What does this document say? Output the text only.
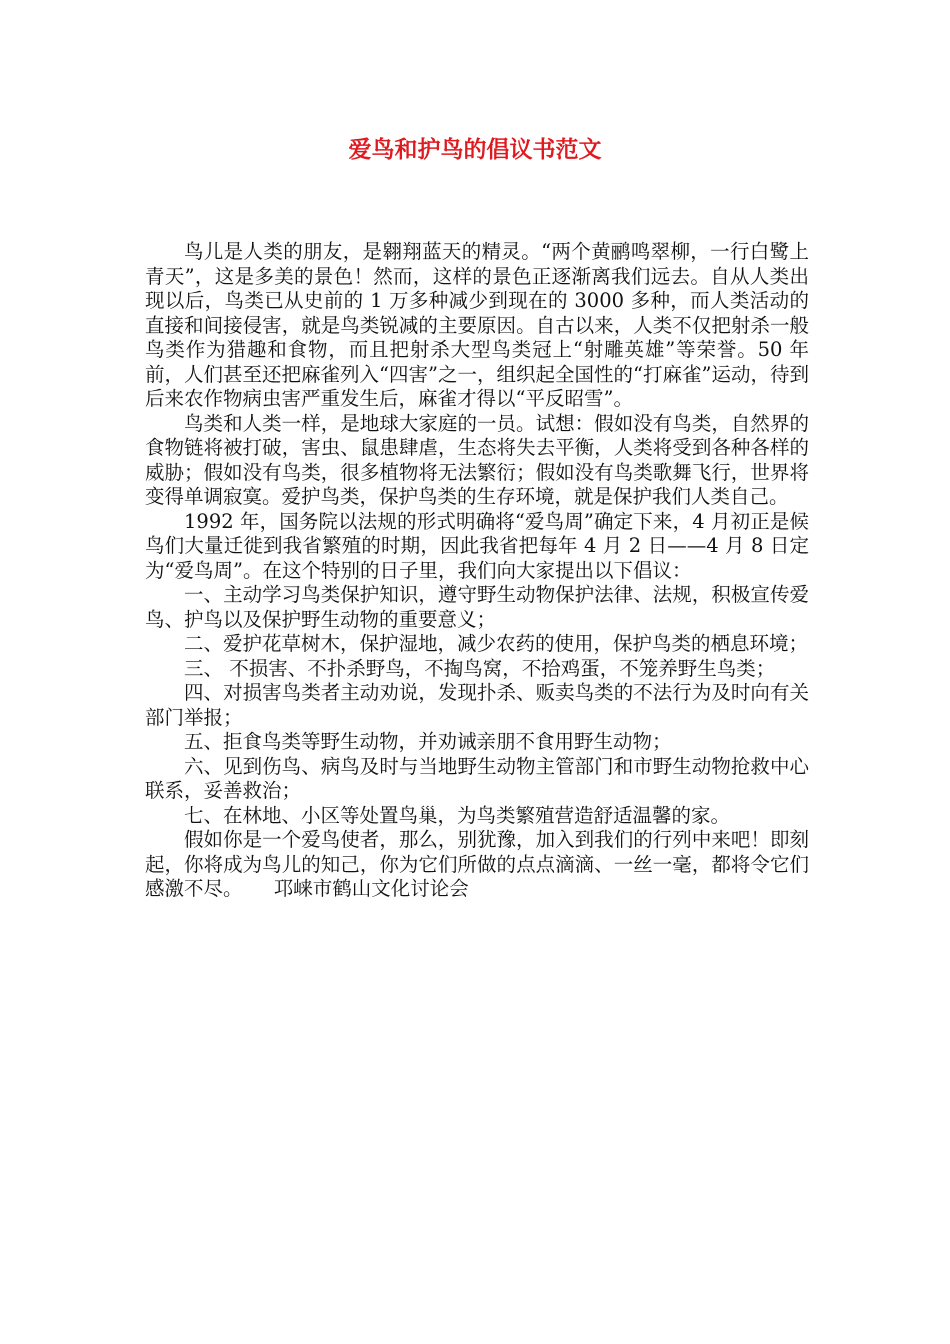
爱鸟和护鸟的倡议书范文

鸟儿是人类的朋友，是翱翔蓝天的精灵。“两个黄鹂鸣翠柳，一行白鹭上青天”，这是多美的景色！然而，这样的景色正逐渐离我们远去。自从人类出现以后，鸟类已从史前的 1 万多种减少到现在的 3000 多种，而人类活动的直接和间接侵害，就是鸟类锐减的主要原因。自古以来，人类不仅把射杀一般鸟类作为猎趣和食物，而且把射杀大型鸟类冠上“射雕英雄”等荣誉。50 年前，人们甚至还把麻雀列入“四害”之一，组织起全国性的“打麻雀”运动，待到后来农作物病虫害严重发生后，麻雀才得以“平反昭雪”。

鸟类和人类一样，是地球大家庭的一员。试想：假如没有鸟类，自然界的食物链将被打破，害虫、鼠患肆虐，生态将失去平衡，人类将受到各种各样的威胁；假如没有鸟类，很多植物将无法繁衍；假如没有鸟类歌舞飞行，世界将变得单调寂寞。爱护鸟类，保护鸟类的生存环境，就是保护我们人类自己。

1992 年，国务院以法规的形式明确将“爱鸟周”确定下来，4 月初正是候鸟们大量迁徙到我省繁殖的时期，因此我省把每年 4 月 2 日——4 月 8 日定为“爱鸟周”。在这个特别的日子里，我们向大家提出以下倡议：

一、主动学习鸟类保护知识，遵守野生动物保护法律、法规，积极宣传爱鸟、护鸟以及保护野生动物的重要意义；

二、爱护花草树木，保护湿地，减少农药的使用，保护鸟类的栖息环境；

三、 不损害、不扑杀野鸟，不掏鸟窝，不拾鸡蛋，不笼养野生鸟类；

四、对损害鸟类者主动劝说，发现扑杀、贩卖鸟类的不法行为及时向有关部门举报；

五、拒食鸟类等野生动物，并劝诫亲朋不食用野生动物；

六、见到伤鸟、病鸟及时与当地野生动物主管部门和市野生动物抢救中心联系，妥善救治；

七、在林地、小区等处置鸟巢，为鸟类繁殖营造舒适温馨的家。

假如你是一个爱鸟使者，那么，别犹豫，加入到我们的行列中来吧！即刻起，你将成为鸟儿的知己，你为它们所做的点点滴滴、一丝一毫，都将令它们感激不尽。 邛崃市鹤山文化讨论会
